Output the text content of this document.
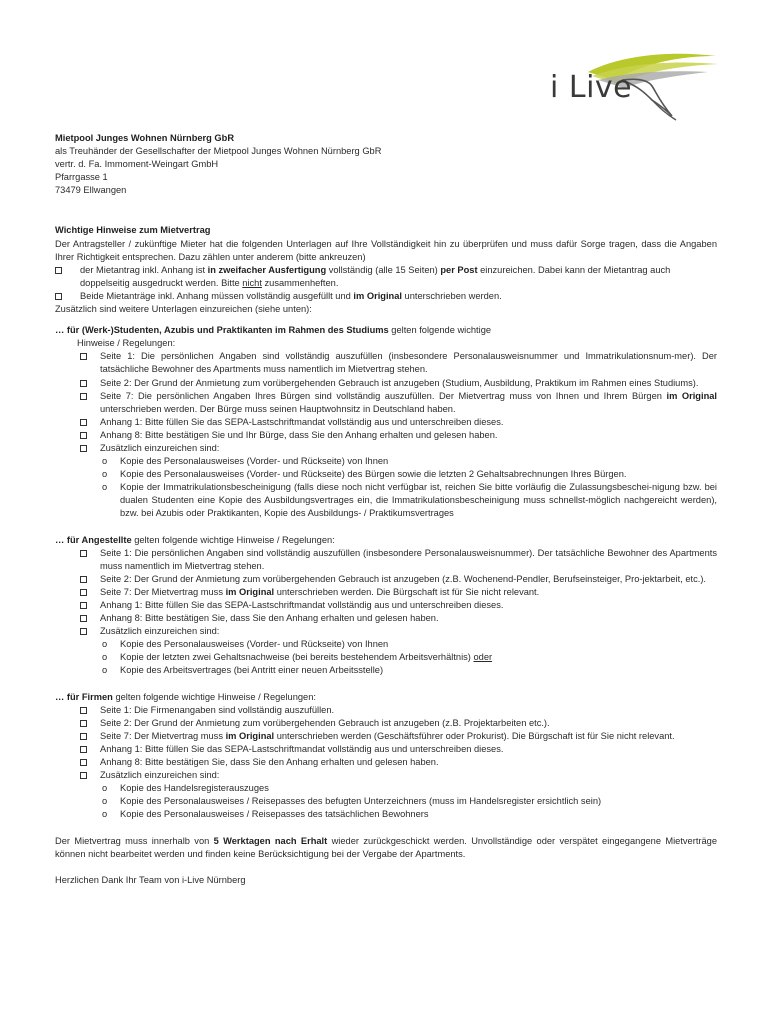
i Live
Mietpool Junges Wohnen Nürnberg GbR
als Treuhänder der Gesellschafter der Mietpool Junges Wohnen Nürnberg GbR
vertr. d. Fa. Immoment-Weingart GmbH
Pfarrgasse 1
73479 Ellwangen
Wichtige Hinweise zum Mietvertrag
Der Antragsteller / zukünftige Mieter hat die folgenden Unterlagen auf Ihre Vollständigkeit hin zu überprüfen und muss dafür Sorge tragen, dass die Angaben Ihrer Richtigkeit entsprechen. Dazu zählen unter anderem (bitte ankreuzen)
der Mietantrag inkl. Anhang ist in zweifacher Ausfertigung vollständig (alle 15 Seiten) per Post einzureichen. Dabei kann der Mietantrag auch doppelseitig ausgedruckt werden. Bitte nicht zusammenheften.
Beide Mietanträge inkl. Anhang müssen vollständig ausgefüllt und im Original unterschrieben werden.
Zusätzlich sind weitere Unterlagen einzureichen (siehe unten):
… für (Werk-)Studenten, Azubis und Praktikanten im Rahmen des Studiums gelten folgende wichtige
Hinweise / Regelungen:
Seite 1: Die persönlichen Angaben sind vollständig auszufüllen (insbesondere Personalausweisnummer und Immatrikulationsnum-mer). Der tatsächliche Bewohner des Apartments muss namentlich im Mietvertrag stehen.
Seite 2: Der Grund der Anmietung zum vorübergehenden Gebrauch ist anzugeben (Studium, Ausbildung, Praktikum im Rahmen eines Studiums).
Seite 7: Die persönlichen Angaben Ihres Bürgen sind vollständig auszufüllen. Der Mietvertrag muss von Ihnen und Ihrem Bürgen im Original unterschrieben werden. Der Bürge muss seinen Hauptwohnsitz in Deutschland haben.
Anhang 1: Bitte füllen Sie das SEPA-Lastschriftmandat vollständig aus und unterschreiben dieses.
Anhang 8: Bitte bestätigen Sie und Ihr Bürge, dass Sie den Anhang erhalten und gelesen haben.
Zusätzlich einzureichen sind:
o Kopie des Personalausweises (Vorder- und Rückseite) von Ihnen
o Kopie des Personalausweises (Vorder- und Rückseite) des Bürgen sowie die letzten 2 Gehaltsabrechnungen Ihres Bürgen.
o Kopie der Immatrikulationsbescheinigung (falls diese noch nicht verfügbar ist, reichen Sie bitte vorläufig die Zulassungsbeschei-nigung bzw. bei dualen Studenten eine Kopie des Ausbildungsvertrages ein, die Immatrikulationsbescheinigung muss schnellst-möglich nachgereicht werden), bzw. bei Azubis oder Praktikanten, Kopie des Ausbildungs- / Praktikumsvertrages
… für Angestellte gelten folgende wichtige Hinweise / Regelungen:
Seite 1: Die persönlichen Angaben sind vollständig auszufüllen (insbesondere Personalausweisnummer). Der tatsächliche Bewohner des Apartments muss namentlich im Mietvertrag stehen.
Seite 2: Der Grund der Anmietung zum vorübergehenden Gebrauch ist anzugeben (z.B. Wochenend-Pendler, Berufseinsteiger, Pro-jektarbeit, etc.).
Seite 7: Der Mietvertrag muss im Original unterschrieben werden. Die Bürgschaft ist für Sie nicht relevant.
Anhang 1: Bitte füllen Sie das SEPA-Lastschriftmandat vollständig aus und unterschreiben dieses.
Anhang 8: Bitte bestätigen Sie, dass Sie den Anhang erhalten und gelesen haben.
Zusätzlich einzureichen sind:
o Kopie des Personalausweises (Vorder- und Rückseite) von Ihnen
o Kopie der letzten zwei Gehaltsnachweise (bei bereits bestehendem Arbeitsverhältnis) oder
o Kopie des Arbeitsvertrages (bei Antritt einer neuen Arbeitsstelle)
… für Firmen gelten folgende wichtige Hinweise / Regelungen:
Seite 1: Die Firmenangaben sind vollständig auszufüllen.
Seite 2: Der Grund der Anmietung zum vorübergehenden Gebrauch ist anzugeben (z.B. Projektarbeiten etc.).
Seite 7: Der Mietvertrag muss im Original unterschrieben werden (Geschäftsführer oder Prokurist). Die Bürgschaft ist für Sie nicht relevant.
Anhang 1: Bitte füllen Sie das SEPA-Lastschriftmandat vollständig aus und unterschreiben dieses.
Anhang 8: Bitte bestätigen Sie, dass Sie den Anhang erhalten und gelesen haben.
Zusätzlich einzureichen sind:
o Kopie des Handelsregisterauszuges
o Kopie des Personalausweises / Reisepasses des befugten Unterzeichners (muss im Handelsregister ersichtlich sein)
o Kopie des Personalausweises / Reisepasses des tatsächlichen Bewohners
Der Mietvertrag muss innerhalb von 5 Werktagen nach Erhalt wieder zurückgeschickt werden. Unvollständige oder verspätet eingegangene Mietverträge können nicht bearbeitet werden und finden keine Berücksichtigung bei der Vergabe der Apartments.
Herzlichen Dank Ihr Team von i-Live Nürnberg
